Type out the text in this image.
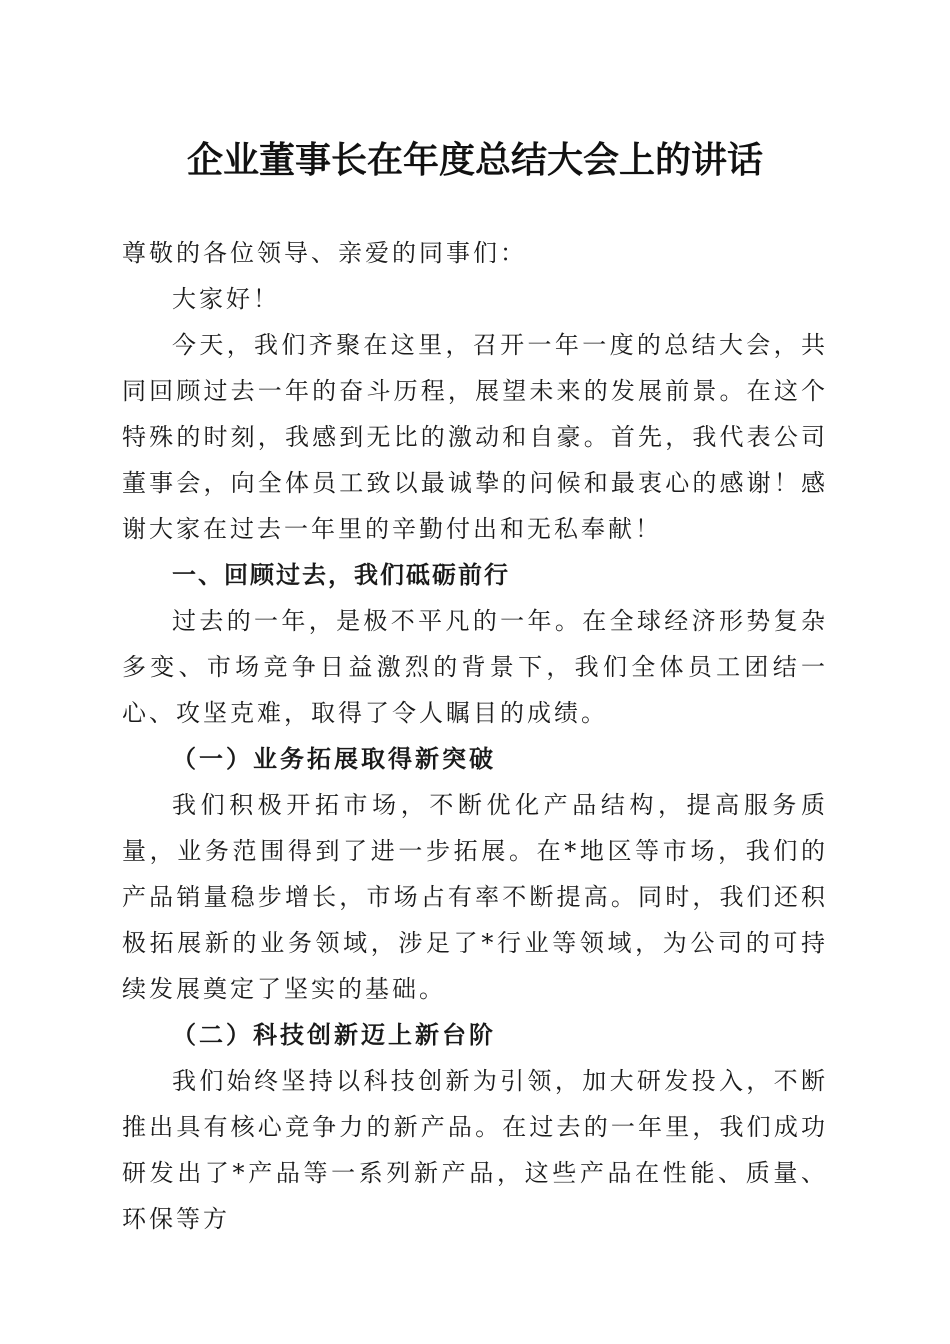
企业董事长在年度总结大会上的讲话

尊敬的各位领导、亲爱的同事们：

大家好！

今天，我们齐聚在这里，召开一年一度的总结大会，共同回顾过去一年的奋斗历程，展望未来的发展前景。在这个特殊的时刻，我感到无比的激动和自豪。首先，我代表公司董事会，向全体员工致以最诚挚的问候和最衷心的感谢！感谢大家在过去一年里的辛勤付出和无私奉献！

一、回顾过去，我们砥砺前行

过去的一年，是极不平凡的一年。在全球经济形势复杂多变、市场竞争日益激烈的背景下，我们全体员工团结一心、攻坚克难，取得了令人瞩目的成绩。

（一）业务拓展取得新突破

我们积极开拓市场，不断优化产品结构，提高服务质量，业务范围得到了进一步拓展。在*地区等市场，我们的产品销量稳步增长，市场占有率不断提高。同时，我们还积极拓展新的业务领域，涉足了*行业等领域，为公司的可持续发展奠定了坚实的基础。

（二）科技创新迈上新台阶

我们始终坚持以科技创新为引领，加大研发投入，不断推出具有核心竞争力的新产品。在过去的一年里，我们成功研发出了*产品等一系列新产品，这些产品在性能、质量、环保等方
